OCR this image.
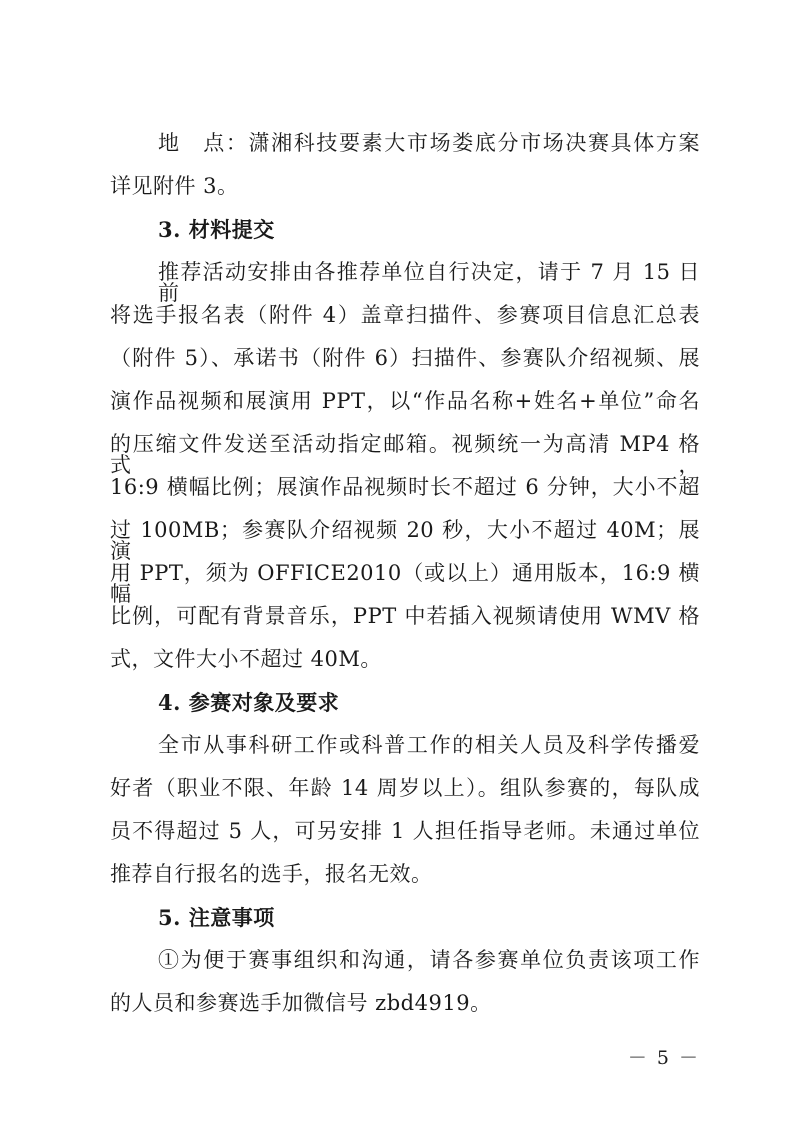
地　点：潇湘科技要素大市场娄底分市场决赛具体方案
详见附件 3。
3. 材料提交
推荐活动安排由各推荐单位自行决定，请于 7 月 15 日前
将选手报名表（附件 4）盖章扫描件、参赛项目信息汇总表
（附件 5）、承诺书（附件 6）扫描件、参赛队介绍视频、展
演作品视频和展演用 PPT，以“作品名称+姓名+单位”命名
的压缩文件发送至活动指定邮箱。视频统一为高清 MP4 格式，
16:9 横幅比例；展演作品视频时长不超过 6 分钟，大小不超
过 100MB；参赛队介绍视频 20 秒，大小不超过 40M；展演
用 PPT，须为 OFFICE2010（或以上）通用版本，16:9 横幅
比例，可配有背景音乐，PPT 中若插入视频请使用 WMV 格
式，文件大小不超过 40M。
4. 参赛对象及要求
全市从事科研工作或科普工作的相关人员及科学传播爱
好者（职业不限、年龄 14 周岁以上）。组队参赛的，每队成
员不得超过 5 人，可另安排 1 人担任指导老师。未通过单位
推荐自行报名的选手，报名无效。
5. 注意事项
①为便于赛事组织和沟通，请各参赛单位负责该项工作
的人员和参赛选手加微信号 zbd4919。
－ 5 －
